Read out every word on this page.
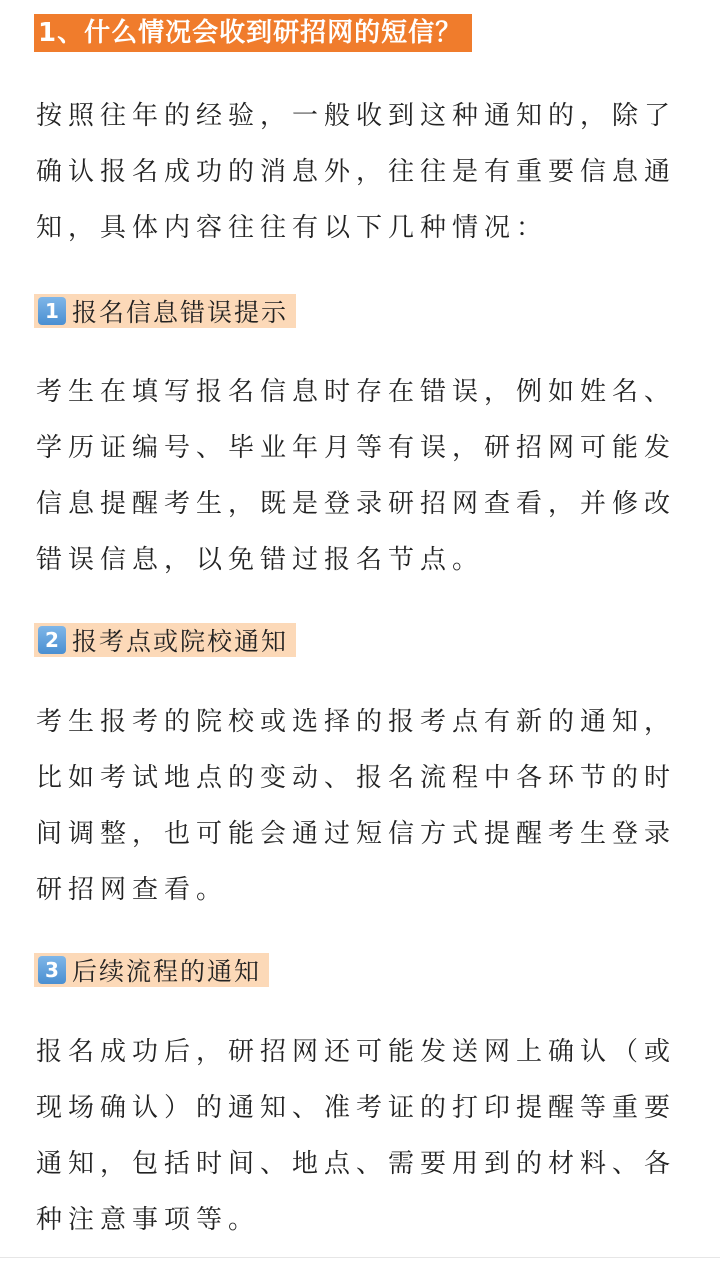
1、什么情况会收到研招网的短信？

按照往年的经验，一般收到这种通知的，除了确认报名成功的消息外，往往是有重要信息通知，具体内容往往有以下几种情况：

1 报名信息错误提示

考生在填写报名信息时存在错误，例如姓名、学历证编号、毕业年月等有误，研招网可能发信息提醒考生，既是登录研招网查看，并修改错误信息，以免错过报名节点。

2 报考点或院校通知

考生报考的院校或选择的报考点有新的通知，比如考试地点的变动、报名流程中各环节的时间调整，也可能会通过短信方式提醒考生登录研招网查看。

3 后续流程的通知

报名成功后，研招网还可能发送网上确认（或现场确认）的通知、准考证的打印提醒等重要通知，包括时间、地点、需要用到的材料、各种注意事项等。
